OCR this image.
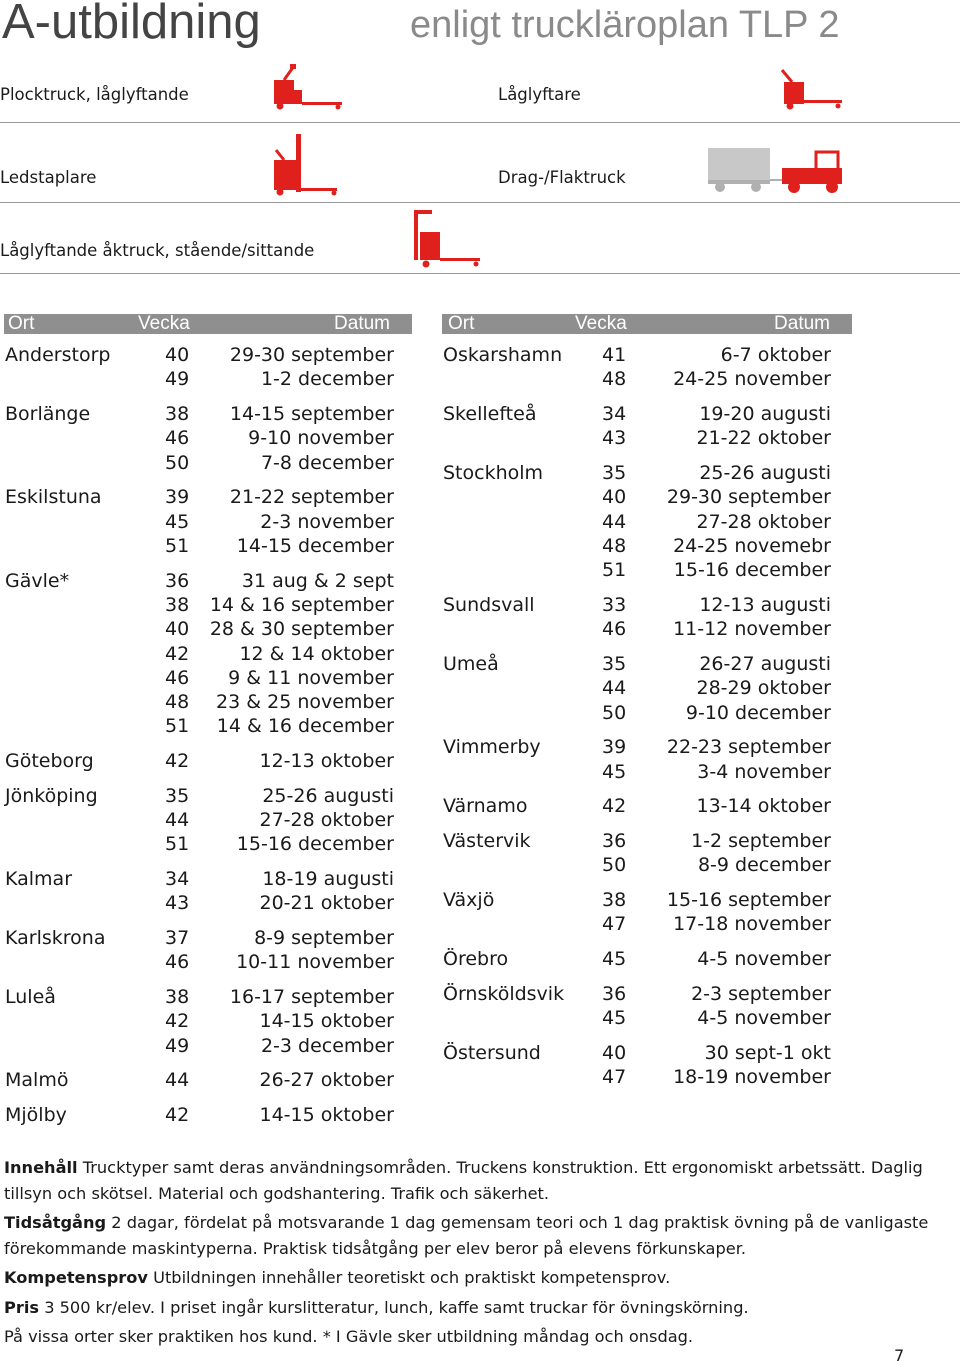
A-utbildning	enligt truckläroplan TLP 2
Plocktruck, låglyftande	Låglyftare
Ledstaplare	Drag-/Flaktruck
Låglyftande åktruck, stående/sittande
Ort	Vecka	Datum	Ort	Vecka	Datum
Anderstorp	40	29-30 september
49	1-2 december
Borlänge	38	14-15 september
46	9-10 november
50	7-8 december
Eskilstuna	39	21-22 september
45	2-3 november
51	14-15 december
Gävle*	36	31 aug & 2 sept
38	14 & 16 september
40	28 & 30 september
42	12 & 14 oktober
46	9 & 11 november
48	23 & 25 november
51	14 & 16 december
Göteborg	42	12-13 oktober
Jönköping	35	25-26 augusti
44	27-28 oktober
51	15-16 december
Kalmar	34	18-19 augusti
43	20-21 oktober
Karlskrona	37	8-9 september
46	10-11 november
Luleå	38	16-17 september
42	14-15 oktober
49	2-3 december
Malmö	44	26-27 oktober
Mjölby	42	14-15 oktober
Oskarshamn 41	6-7 oktober
48	24-25 november
Skellefteå	34	19-20 augusti
43	21-22 oktober
Stockholm	35	25-26 augusti
40	29-30 september
44	27-28 oktober
48	24-25 novemebr
51	15-16 december
Sundsvall	33	12-13 augusti
46	11-12 november
Umeå	35	26-27 augusti
44	28-29 oktober
50	9-10 december
Vimmerby	39	22-23 september
45	3-4 november
Värnamo	42	13-14 oktober
Västervik	36	1-2 september
50	8-9 december
Växjö	38	15-16 september
47	17-18 november
Örebro	45	4-5 november
Örnsköldsvik 36	2-3 september
45	4-5 november
Östersund	40	30 sept-1 okt
47	18-19 november

Innehåll Trucktyper samt deras användningsområden. Truckens konstruktion. Ett ergonomiskt arbetssätt. Daglig tillsyn och skötsel. Material och godshantering. Trafik och säkerhet.

Tidsåtgång 2 dagar, fördelat på motsvarande 1 dag gemensam teori och 1 dag praktisk övning på de vanligaste förekommande maskintyperna. Praktisk tidsåtgång per elev beror på elevens förkunskaper.

Kompetensprov Utbildningen innehåller teoretiskt och praktiskt kompetensprov.

Pris 3 500 kr/elev. I priset ingår kurslitteratur, lunch, kaffe samt truckar för övningskörning.

På vissa orter sker praktiken hos kund. * I Gävle sker utbildning måndag och onsdag.

7
